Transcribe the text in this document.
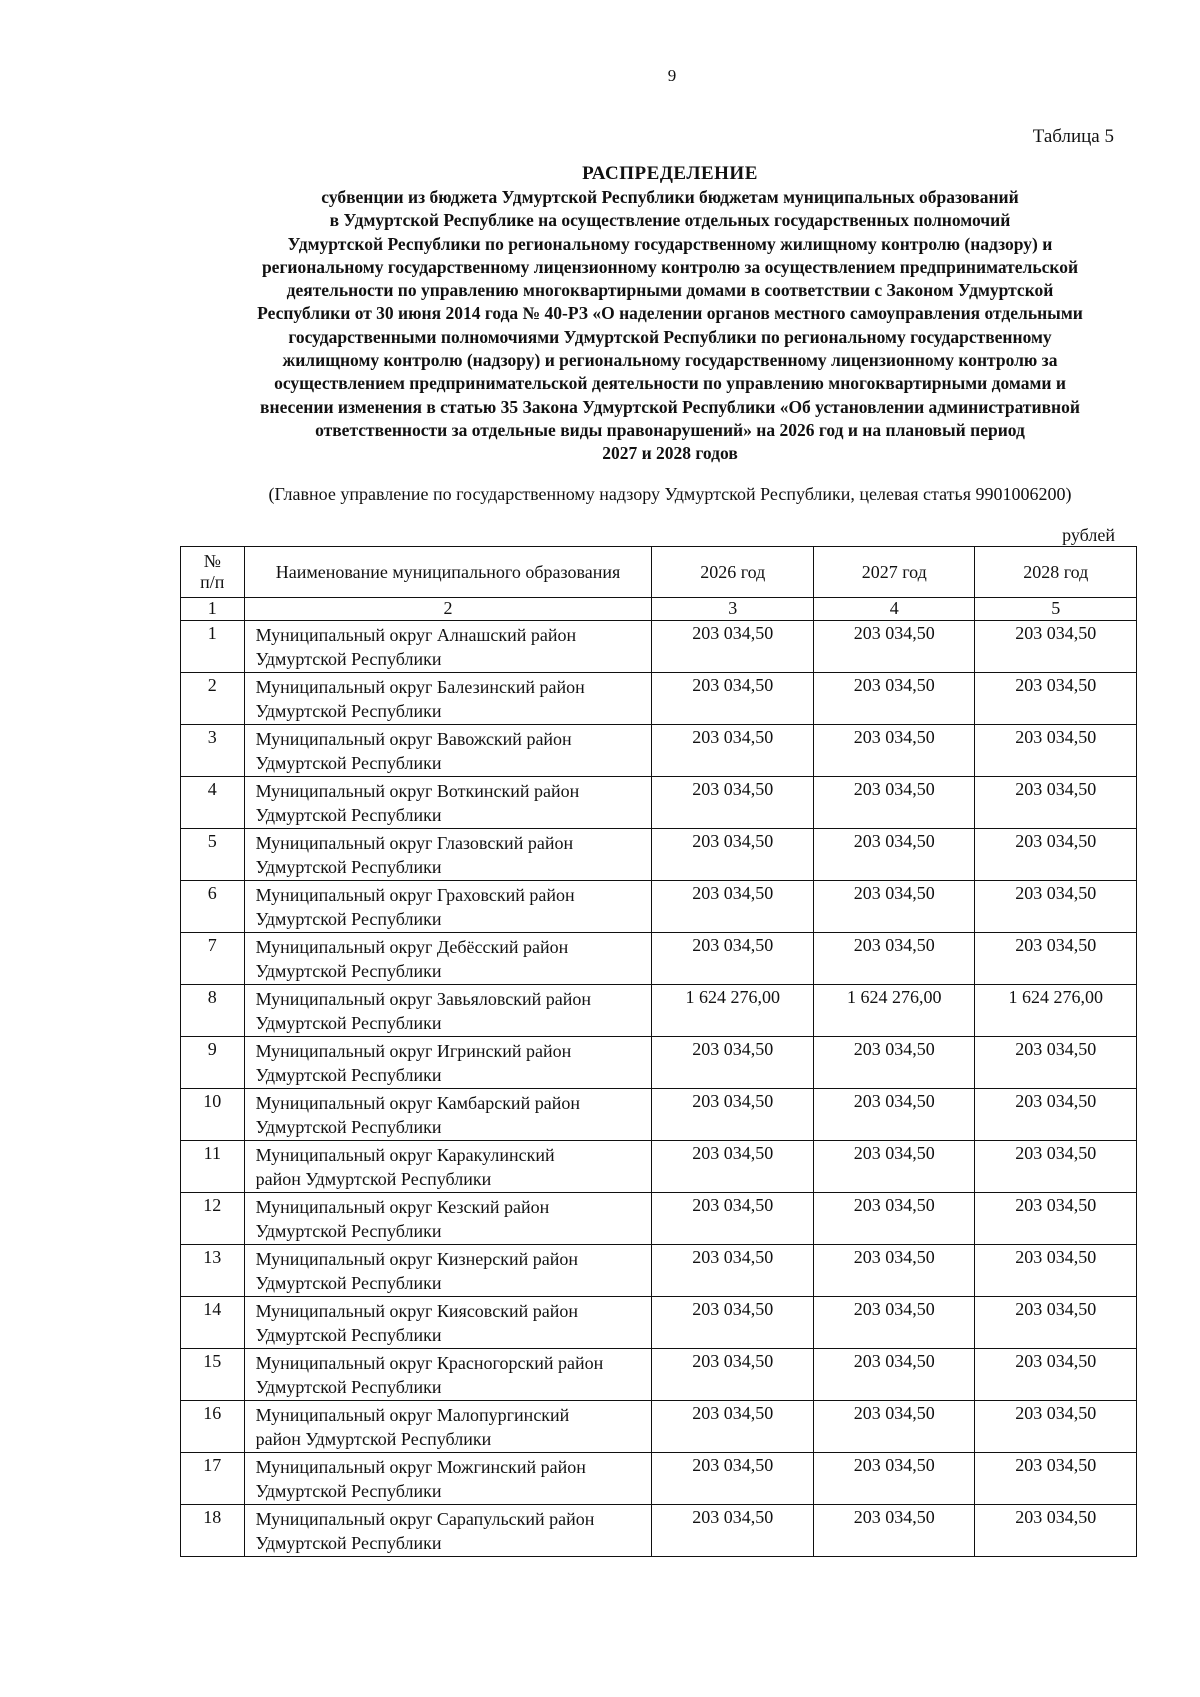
9
Таблица 5
РАСПРЕДЕЛЕНИЕ
субвенции из бюджета Удмуртской Республики бюджетам муниципальных образований
в Удмуртской Республике на осуществление отдельных государственных полномочий
Удмуртской Республики по региональному государственному жилищному контролю (надзору) и
региональному государственному лицензионному контролю за осуществлением предпринимательской
деятельности по управлению многоквартирными домами в соответствии с Законом Удмуртской
Республики от 30 июня 2014 года № 40-РЗ «О наделении органов местного самоуправления отдельными
государственными полномочиями Удмуртской Республики по региональному государственному
жилищному контролю (надзору) и региональному государственному лицензионному контролю за
осуществлением предпринимательской деятельности по управлению многоквартирными домами и
внесении изменения в статью 35 Закона Удмуртской Республики «Об установлении административной
ответственности за отдельные виды правонарушений» на 2026 год и на плановый период
2027 и 2028 годов
(Главное управление по государственному надзору Удмуртской Республики, целевая статья 9901006200)
рублей
№
п/п	Наименование муниципального образования	2026 год	2027 год	2028 год
1	2	3	4	5
1	Муниципальный округ Алнашский район
Удмуртской Республики	203 034,50	203 034,50	203 034,50
2	Муниципальный округ Балезинский район
Удмуртской Республики	203 034,50	203 034,50	203 034,50
3	Муниципальный округ Вавожский район
Удмуртской Республики	203 034,50	203 034,50	203 034,50
4	Муниципальный округ Воткинский район
Удмуртской Республики	203 034,50	203 034,50	203 034,50
5	Муниципальный округ Глазовский район
Удмуртской Республики	203 034,50	203 034,50	203 034,50
6	Муниципальный округ Граховский район
Удмуртской Республики	203 034,50	203 034,50	203 034,50
7	Муниципальный округ Дебёсский район
Удмуртской Республики	203 034,50	203 034,50	203 034,50
8	Муниципальный округ Завьяловский район
Удмуртской Республики	1 624 276,00	1 624 276,00	1 624 276,00
9	Муниципальный округ Игринский район
Удмуртской Республики	203 034,50	203 034,50	203 034,50
10	Муниципальный округ Камбарский район
Удмуртской Республики	203 034,50	203 034,50	203 034,50
11	Муниципальный округ Каракулинский
район Удмуртской Республики	203 034,50	203 034,50	203 034,50
12	Муниципальный округ Кезский район
Удмуртской Республики	203 034,50	203 034,50	203 034,50
13	Муниципальный округ Кизнерский район
Удмуртской Республики	203 034,50	203 034,50	203 034,50
14	Муниципальный округ Киясовский район
Удмуртской Республики	203 034,50	203 034,50	203 034,50
15	Муниципальный округ Красногорский район
Удмуртской Республики	203 034,50	203 034,50	203 034,50
16	Муниципальный округ Малопургинский
район Удмуртской Республики	203 034,50	203 034,50	203 034,50
17	Муниципальный округ Можгинский район
Удмуртской Республики	203 034,50	203 034,50	203 034,50
18	Муниципальный округ Сарапульский район
Удмуртской Республики	203 034,50	203 034,50	203 034,50
